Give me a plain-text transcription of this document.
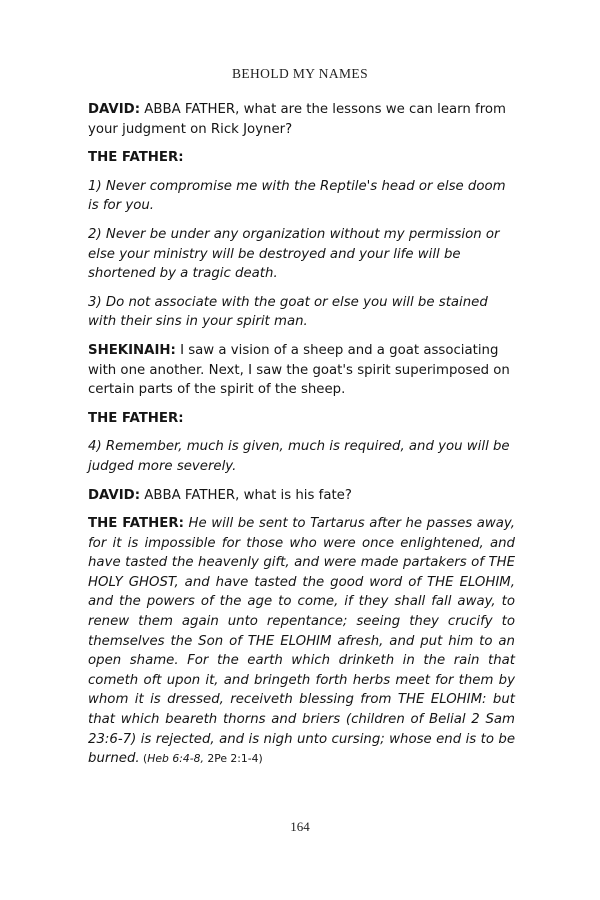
BEHOLD MY NAMES

DAVID: ABBA FATHER, what are the lessons we can learn from your judgment on Rick Joyner?

THE FATHER:

1) Never compromise me with the Reptile's head or else doom is for you.

2) Never be under any organization without my permission or else your ministry will be destroyed and your life will be shortened by a tragic death.

3) Do not associate with the goat or else you will be stained with their sins in your spirit man.

SHEKINAIH: I saw a vision of a sheep and a goat associating with one another. Next, I saw the goat's spirit superimposed on certain parts of the spirit of the sheep.

THE FATHER:

4) Remember, much is given, much is required, and you will be judged more severely.

DAVID: ABBA FATHER, what is his fate?

THE FATHER: He will be sent to Tartarus after he passes away, for it is impossible for those who were once enlightened, and have tasted the heavenly gift, and were made partakers of THE HOLY GHOST, and have tasted the good word of THE ELOHIM, and the powers of the age to come, if they shall fall away, to renew them again unto repentance; seeing they crucify to themselves the Son of THE ELOHIM afresh, and put him to an open shame. For the earth which drinketh in the rain that cometh oft upon it, and bringeth forth herbs meet for them by whom it is dressed, receiveth blessing from THE ELOHIM: but that which beareth thorns and briers (children of Belial 2 Sam 23:6-7) is rejected, and is nigh unto cursing; whose end is to be burned. (Heb 6:4-8, 2Pe 2:1-4)

164
